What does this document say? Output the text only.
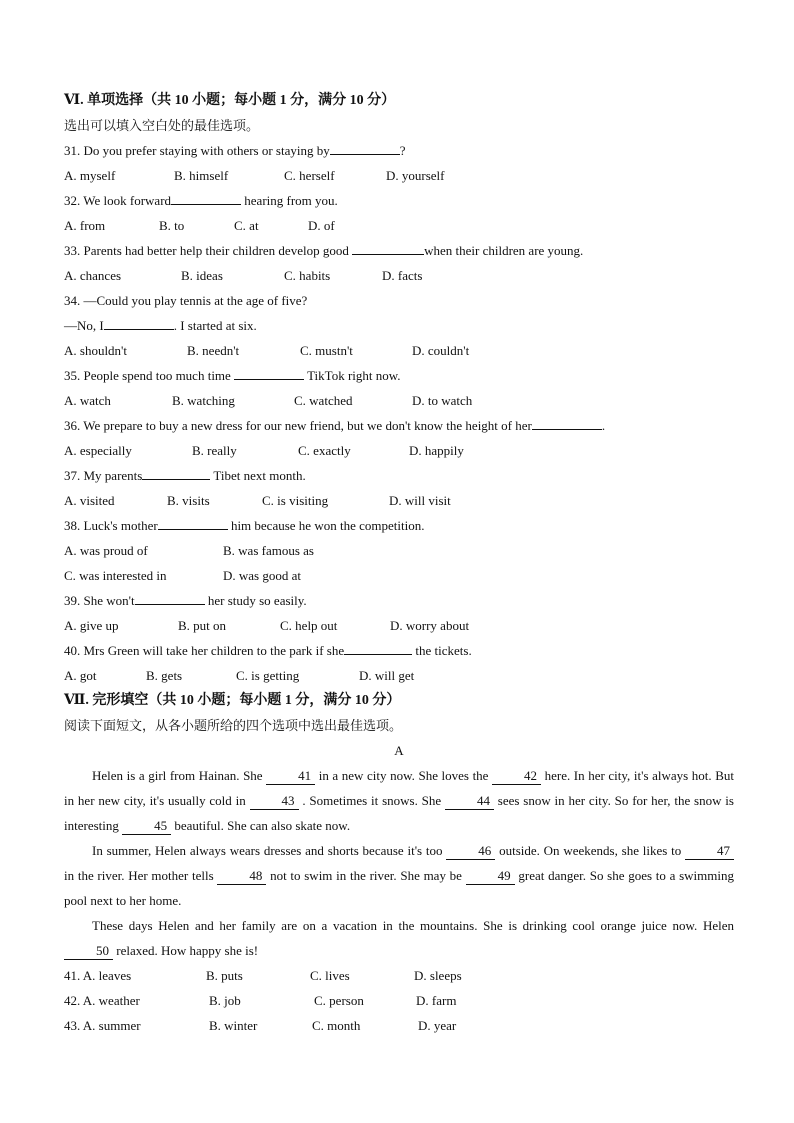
Ⅵ. 单项选择（共 10 小题；每小题 1 分，满分 10 分）
选出可以填入空白处的最佳选项。
31. Do you prefer staying with others or staying by	?
A. myself	B. himself	C. herself	D. yourself
32. We look forward	hearing from you.
A. from	B. to	C. at	D. of
33. Parents had better help their children develop good	when their children are young.
A. chances	B. ideas	C. habits	D. facts
34. —Could you play tennis at the age of five?
—No, I	. I started at six.
A. shouldn't	B. needn't	C. mustn't	D. couldn't
35. People spend too much time	TikTok right now.
A. watch	B. watching	C. watched	D. to watch
36. We prepare to buy a new dress for our new friend, but we don't know the height of her	.
A. especially	B. really	C. exactly	D. happily
37. My parents	Tibet next month.
A. visited	B. visits	C. is visiting	D. will visit
38. Luck's mother	him because he won the competition.
A. was proud of	B. was famous as
C. was interested in	D. was good at
39. She won't	her study so easily.
A. give up	B. put on	C. help out	D. worry about
40. Mrs Green will take her children to the park if she	the tickets.
A. got	B. gets	C. is getting	D. will get
Ⅶ. 完形填空（共 10 小题；每小题 1 分，满分 10 分）
阅读下面短文，从各小题所给的四个选项中选出最佳选项。
A
Helen is a girl from Hainan. She 41 in a new city now. She loves the 42 here. In her city, it's always hot. But in her new city, it's usually cold in 43 . Sometimes it snows. She 44 sees snow in her city. So for her, the snow is interesting 45 beautiful. She can also skate now.
In summer, Helen always wears dresses and shorts because it's too 46 outside. On weekends, she likes to 47 in the river. Her mother tells 48 not to swim in the river. She may be 49 great danger. So she goes to a swimming pool next to her home.
These days Helen and her family are on a vacation in the mountains. She is drinking cool orange juice now. Helen 50 relaxed. How happy she is!
41. A. leaves	B. puts	C. lives	D. sleeps
42. A. weather	B. job	C. person	D. farm
43. A. summer	B. winter	C. month	D. year
